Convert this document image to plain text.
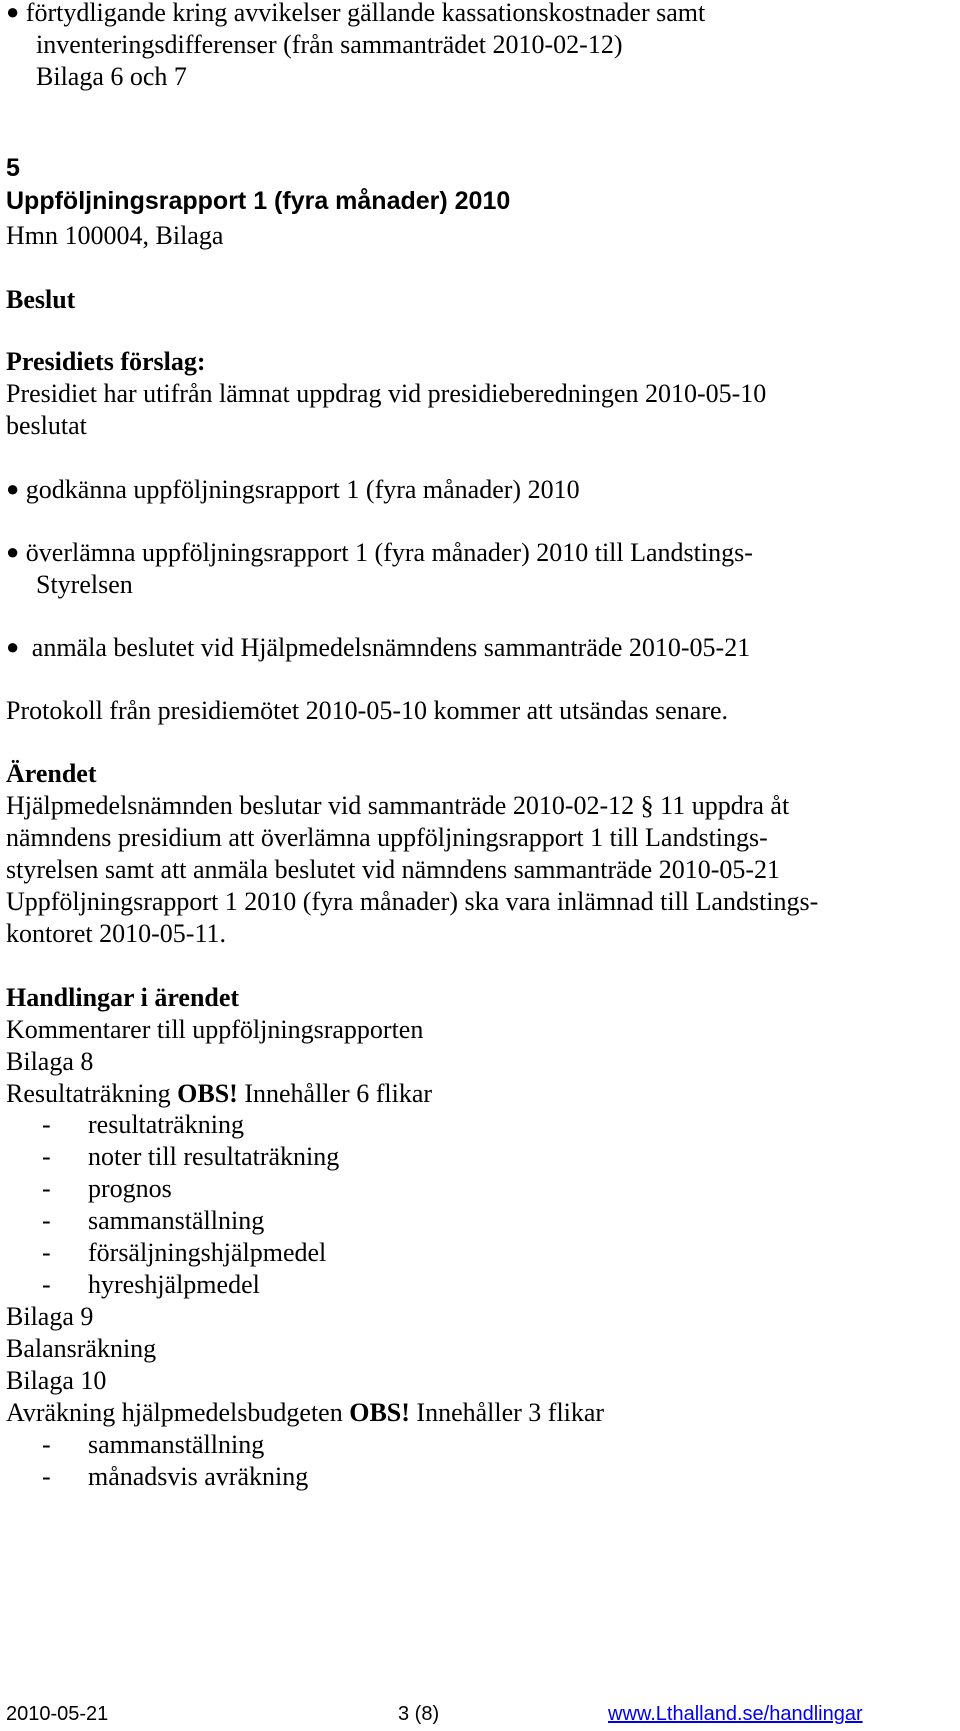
● förtydligande kring avvikelser gällande kassationskostnader samt
inventeringsdifferenser (från sammanträdet 2010-02-12)
Bilaga 6 och 7
5
Uppföljningsrapport 1 (fyra månader) 2010
Hmn 100004, Bilaga
Beslut
Presidiets förslag:
Presidiet har utifrån lämnat uppdrag vid presidieberedningen 2010-05-10
beslutat
● godkänna uppföljningsrapport 1 (fyra månader) 2010
● överlämna uppföljningsrapport 1 (fyra månader) 2010 till Landstings-
Styrelsen
● anmäla beslutet vid Hjälpmedelsnämndens sammanträde 2010-05-21
Protokoll från presidiemötet 2010-05-10 kommer att utsändas senare.
Ärendet
Hjälpmedelsnämnden beslutar vid sammanträde 2010-02-12 § 11 uppdra åt
nämndens presidium att överlämna uppföljningsrapport 1 till Landstings-
styrelsen samt att anmäla beslutet vid nämndens sammanträde 2010-05-21
Uppföljningsrapport 1 2010 (fyra månader) ska vara inlämnad till Landstings-
kontoret 2010-05-11.
Handlingar i ärendet
Kommentarer till uppföljningsrapporten
Bilaga 8
Resultaträkning OBS! Innehåller 6 flikar
- resultaträkning
- noter till resultaträkning
- prognos
- sammanställning
- försäljningshjälpmedel
- hyreshjälpmedel
Bilaga 9
Balansräkning
Bilaga 10
Avräkning hjälpmedelsbudgeten OBS! Innehåller 3 flikar
- sammanställning
- månadsvis avräkning
2010-05-21	3 (8)	www.Lthalland.se/handlingar
